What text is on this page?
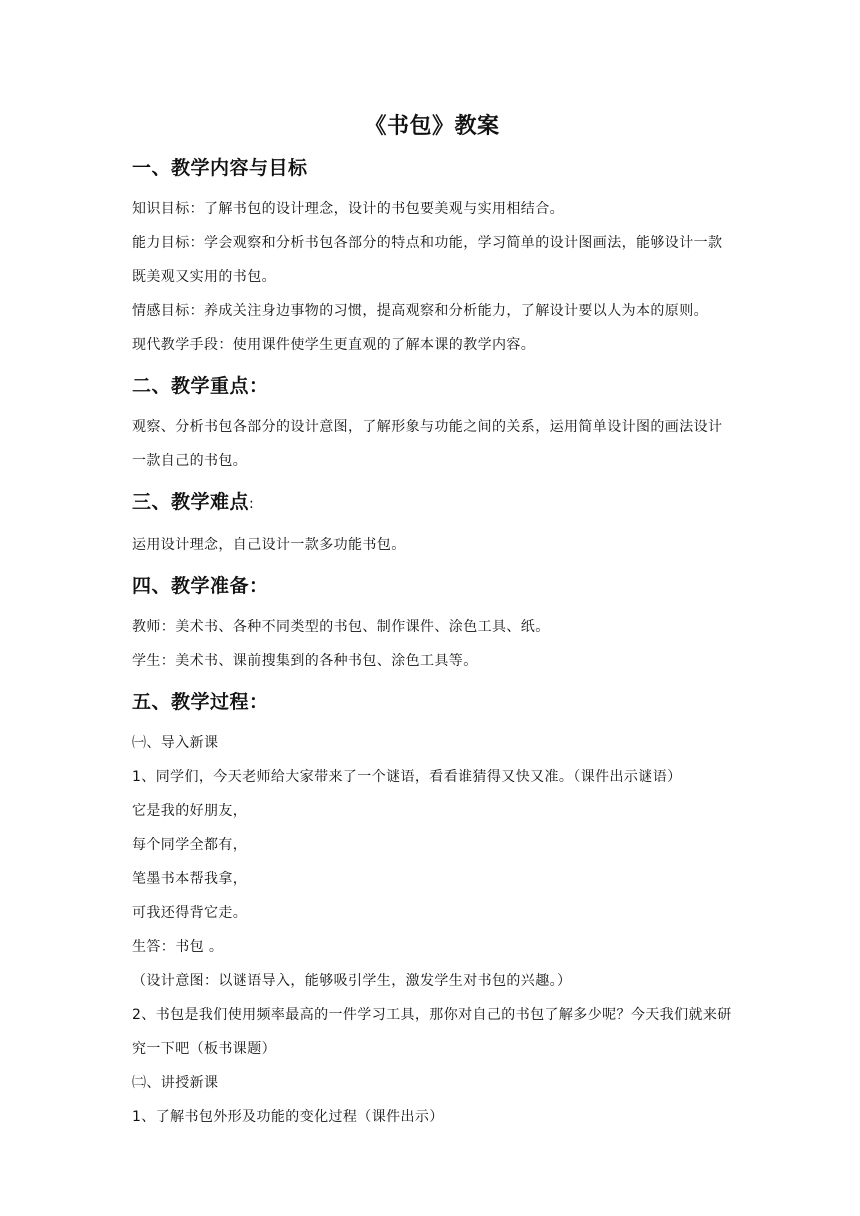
《书包》教案
一、教学内容与目标

知识目标：了解书包的设计理念，设计的书包要美观与实用相结合。

能力目标：学会观察和分析书包各部分的特点和功能，学习简单的设计图画法，能够设计一款既美观又实用的书包。

情感目标：养成关注身边事物的习惯，提高观察和分析能力，了解设计要以人为本的原则。

现代教学手段：使用课件使学生更直观的了解本课的教学内容。

二、教学重点：

观察、分析书包各部分的设计意图，了解形象与功能之间的关系，运用简单设计图的画法设计一款自己的书包。

三、教学难点:

运用设计理念，自己设计一款多功能书包。

四、教学准备：

教师：美术书、各种不同类型的书包、制作课件、涂色工具、纸。

学生：美术书、课前搜集到的各种书包、涂色工具等。

五、教学过程：

㈠、导入新课

1、同学们，今天老师给大家带来了一个谜语，看看谁猜得又快又准。（课件出示谜语）

它是我的好朋友，

每个同学全都有，

笔墨书本帮我拿，

可我还得背它走。

生答：书包 。

（设计意图：以谜语导入，能够吸引学生，激发学生对书包的兴趣。）

2、书包是我们使用频率最高的一件学习工具，那你对自己的书包了解多少呢？今天我们就来研究一下吧（板书课题）

㈡、讲授新课

1、了解书包外形及功能的变化过程（课件出示）
